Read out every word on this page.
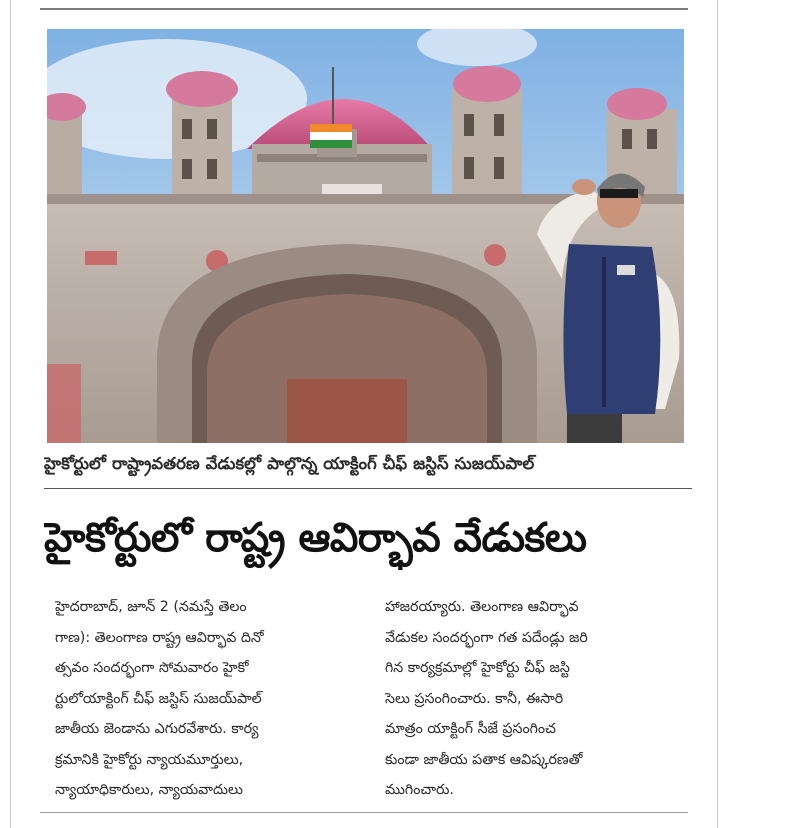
హైకోర్టులో రాష్ట్రావతరణ వేడుకల్లో పాల్గొన్న యాక్టింగ్ చీఫ్ జస్టిస్ సుజయ్‌పాల్
హైకోర్టులో రాష్ట్ర ఆవిర్భావ వేడుకలు
హైదరాబాద్, జూన్ 2 (నమస్తే తెలం
గాణ): తెలంగాణ రాష్ట్ర ఆవిర్భావ దినో
త్సవం సందర్భంగా సోమవారం హైకో
ర్టులోయాక్టింగ్ చీఫ్ జస్టిస్ సుజయ్‌పాల్
జాతీయ జెండాను ఎగురవేశారు. కార్య
క్రమానికి హైకోర్టు న్యాయమూర్తులు,
న్యాయాధికారులు, న్యాయవాదులు
హాజరయ్యారు. తెలంగాణ ఆవిర్భావ
వేడుకల సందర్భంగా గత పదేండ్లు జరి
గిన కార్యక్రమాల్లో హైకోర్టు చీఫ్ జస్టి
సెలు ప్రసంగించారు. కానీ, ఈసారి
మాత్రం యాక్టింగ్ సీజే ప్రసంగించ
కుండా జాతీయ పతాక ఆవిష్కరణతో
ముగించారు.
